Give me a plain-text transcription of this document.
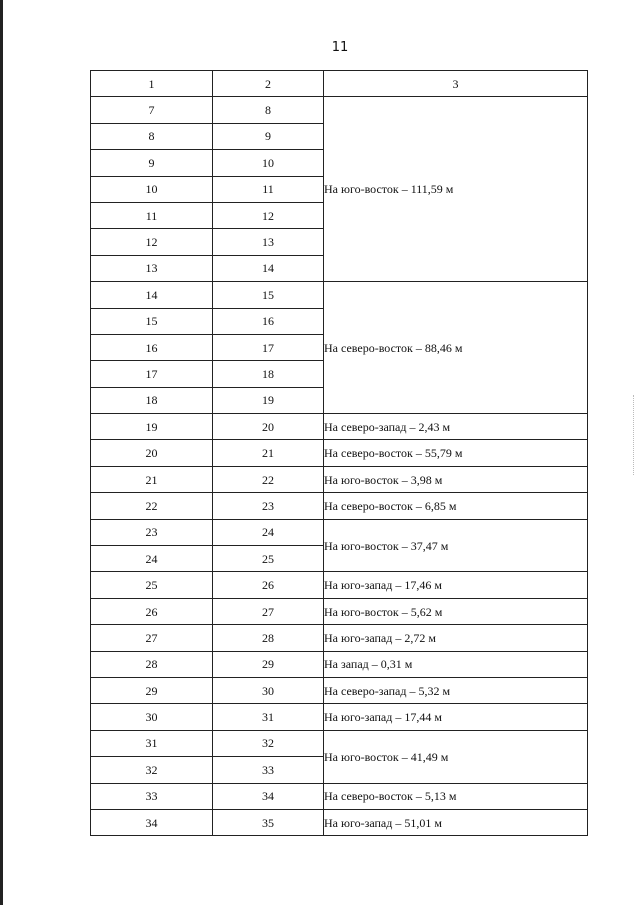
11
1	2	3
7	8	На юго-восток – 111,59 м
8	9	
9	10	
10	11	
11	12	
12	13	
13	14	
14	15	На северо-восток – 88,46 м
15	16	
16	17	
17	18	
18	19	
19	20	На северо-запад – 2,43 м
20	21	На северо-восток – 55,79 м
21	22	На юго-восток – 3,98 м
22	23	На северо-восток – 6,85 м
23	24	На юго-восток – 37,47 м
24	25	
25	26	На юго-запад – 17,46 м
26	27	На юго-восток – 5,62 м
27	28	На юго-запад – 2,72 м
28	29	На запад – 0,31 м
29	30	На северо-запад – 5,32 м
30	31	На юго-запад – 17,44 м
31	32	На юго-восток – 41,49 м
32	33	
33	34	На северо-восток – 5,13 м
34	35	На юго-запад – 51,01 м
